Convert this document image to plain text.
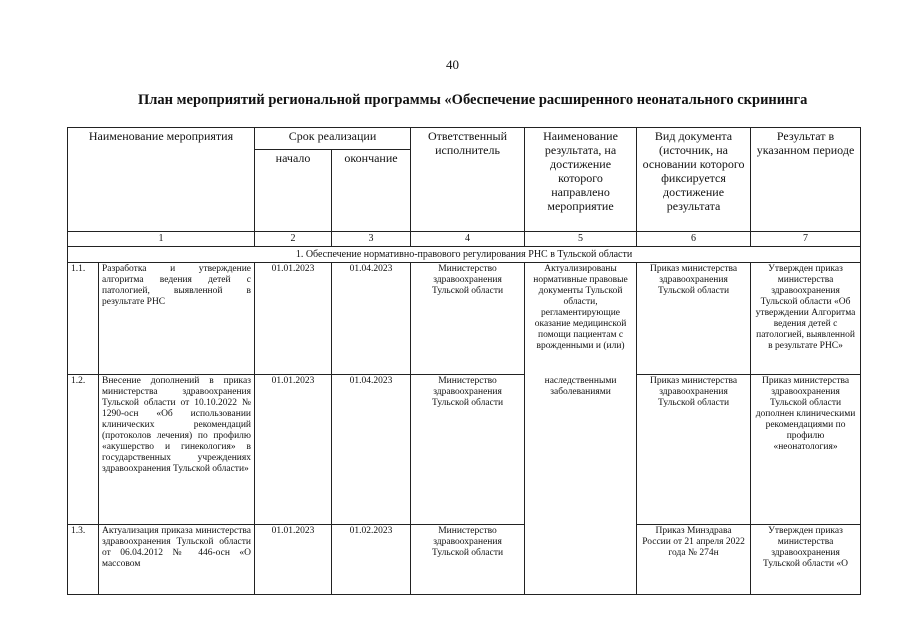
40
План мероприятий региональной программы «Обеспечение расширенного неонатального скрининга
Наименование мероприятия		Срок реализации		Ответственный исполнитель	Наименование результата, на достижение которого направлено мероприятие	Вид документа (источник, на основании которого фиксируется достижение результата	Результат в указанном периоде
		начало	окончание				
1		2	3	4	5	6	7
1. Обеспечение нормативно-правового регулирования РНС в Тульской области							
1.1.	Разработка и утверждение алгоритма ведения детей с патологией, выявленной в результате РНС	01.01.2023	01.04.2023	Министерство здравоохранения Тульской области	Актуализированы нормативные правовые документы Тульской области, регламентирующие оказание медицинской помощи пациентам с врожденными и (или)	Приказ министерства здравоохранения Тульской области	Утвержден приказ министерства здравоохранения Тульской области «Об утверждении Алгоритма ведения детей с патологией, выявленной в результате РНС»
1.2.	Внесение дополнений в приказ министерства здравоохранения Тульской области от 10.10.2022 № 1290-осн «Об использовании клинических рекомендаций (протоколов лечения) по профилю «акушерство и гинекология» в государственных учреждениях здравоохранения Тульской области»	01.01.2023	01.04.2023	Министерство здравоохранения Тульской области	наследственными заболеваниями	Приказ министерства здравоохранения Тульской области	Приказ министерства здравоохранения Тульской области дополнен клиническими рекомендациями по профилю «неонатология»
1.3.	Актуализация приказа министерства здравоохранения Тульской области от 06.04.2012 № 446-осн «О массовом	01.01.2023	01.02.2023	Министерство здравоохранения Тульской области		Приказ Минздрава России от 21 апреля 2022 года № 274н	Утвержден приказ министерства здравоохранения Тульской области «О
